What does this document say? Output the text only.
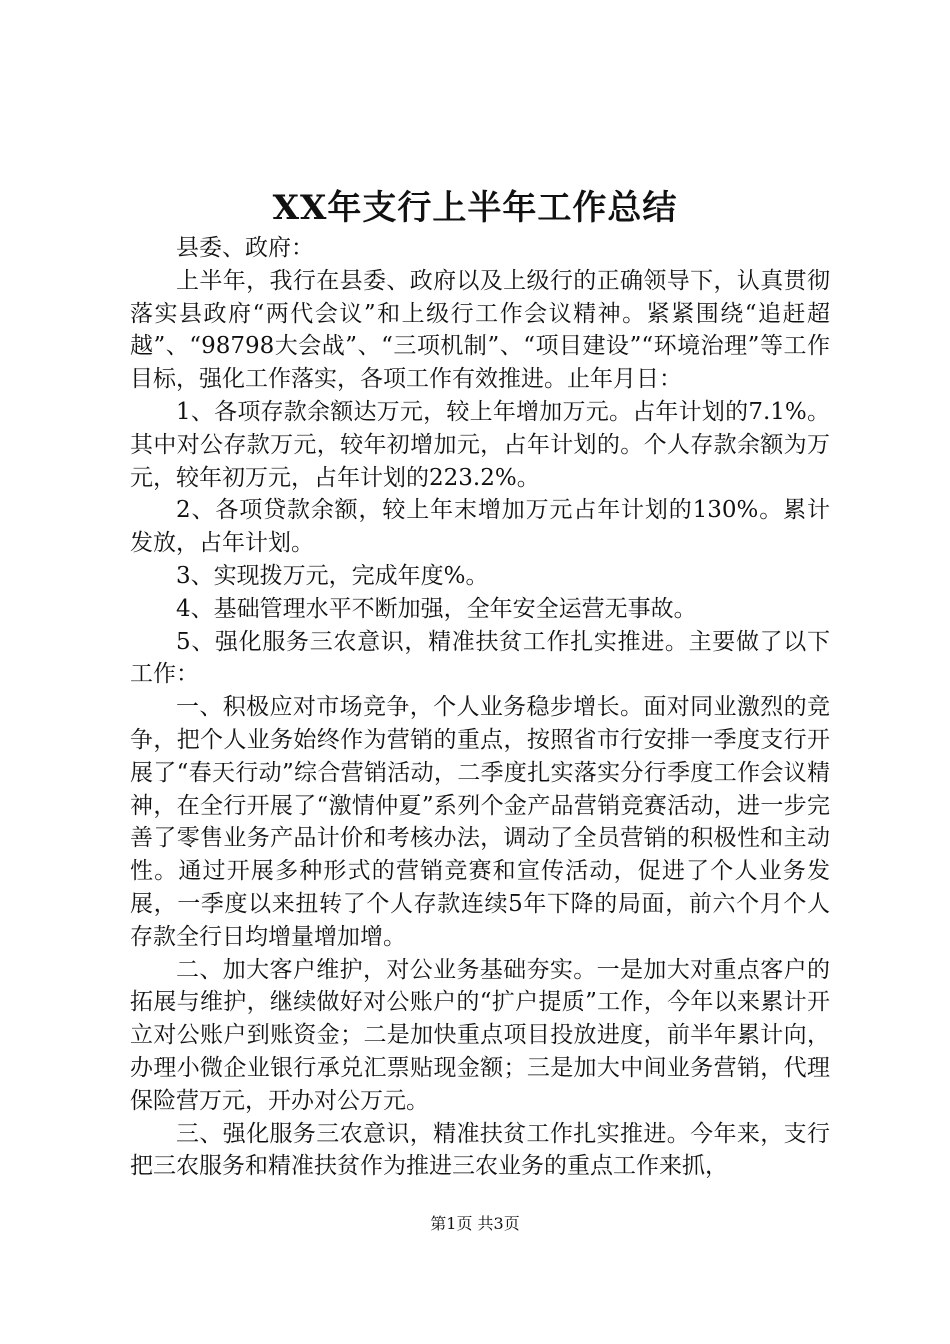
XX年支行上半年工作总结

县委、政府：

上半年，我行在县委、政府以及上级行的正确领导下，认真贯彻落实县政府“两代会议”和上级行工作会议精神。紧紧围绕“追赶超越”、“98798大会战”、“三项机制”、“项目建设”“环境治理”等工作目标，强化工作落实，各项工作有效推进。止年月日：

1、各项存款余额达万元，较上年增加万元。占年计划的7.1%。其中对公存款万元，较年初增加元，占年计划的。个人存款余额为万元，较年初万元，占年计划的223.2%。

2、各项贷款余额，较上年末增加万元占年计划的130%。累计发放，占年计划。

3、实现拨万元，完成年度%。

4、基础管理水平不断加强，全年安全运营无事故。

5、强化服务三农意识，精准扶贫工作扎实推进。主要做了以下工作：

一、积极应对市场竞争，个人业务稳步增长。面对同业激烈的竞争，把个人业务始终作为营销的重点，按照省市行安排一季度支行开展了“春天行动”综合营销活动，二季度扎实落实分行季度工作会议精神，在全行开展了“激情仲夏”系列个金产品营销竞赛活动，进一步完善了零售业务产品计价和考核办法，调动了全员营销的积极性和主动性。通过开展多种形式的营销竞赛和宣传活动，促进了个人业务发展，一季度以来扭转了个人存款连续5年下降的局面，前六个月个人存款全行日均增量增加增。

二、加大客户维护，对公业务基础夯实。一是加大对重点客户的拓展与维护，继续做好对公账户的“扩户提质”工作，今年以来累计开立对公账户到账资金；二是加快重点项目投放进度，前半年累计向，办理小微企业银行承兑汇票贴现金额；三是加大中间业务营销，代理保险营万元，开办对公万元。

三、强化服务三农意识，精准扶贫工作扎实推进。今年来，支行把三农服务和精准扶贫作为推进三农业务的重点工作来抓，

第1页 共3页
